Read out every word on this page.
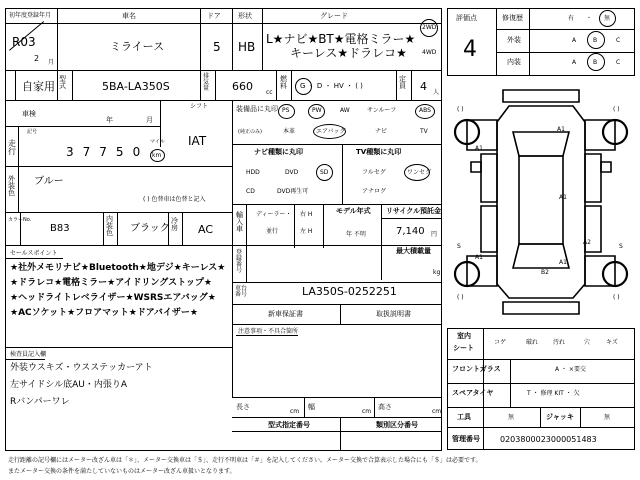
初年度登録年月
R03
2 月
車名
ミライース
ドア
5
形状
HB
グレード
L★ナビ★BT★電格ミラー★
キーレス★ドラレコ★
2WD
4WD
自家用
型式	5BA-LA350S
排気量	660 cc
燃料	G ・ D ・ HV ・ ( )
定員 4 人
車検
年	月
シフト
IAT
走行
記号
37750
マイル
km
外装色
ブルー
( ) 色替車は色替と記入
カラーNo.
B83
内装色 ブラック
冷房 AC
装備品に丸印
(純正のみ)
PS	PW	AW	サンルーフ	ABS
本革	エアバッグ	ナビ	TV
ナビ種類に丸印	TV種類に丸印
HDD	DVD	SD
CD	DVD再生可
フルセグ	ワンセグ
アナログ
輸入車
ディーラー・
並行
右 H
左 H
モデル年式
年 不明
リサイクル預託金
7,140 円
最大積載量
kg
登録番号
車台番号	LA350S-0252251
新車保証書	取扱説明書
注意事項・不具合箇所
セールスポイント
★社外メモリナビ★Bluetooth★地デジ★キーレス★
★ドラレコ★電格ミラー★アイドリングストップ★
★ヘッドライトレベライザー★WSRSエアバッグ★
★ACソケット★フロアマット★ドアバイザー★
検査員記入欄
外装ウスキズ・ウスステッカーアト
左サイドシル底AU・内張りA
Rバンパーワレ	長さ
cm
幅
cm
高さ
cm
型式指定番号	類別区分番号
評価点
4
修復歴	有 ・ 無
外装	A	B	C
内装	A	B	C
( )	( )
( )	( )
S	S
A1
A1
A1
A1
A1
A2
B2
室内
シート
コゲ	破れ 汚れ	穴	キズ
フロントガラス	A ・ ×要交
スペアタイヤ	T ・ 修理 KIT ・ 欠
工具	無	ジャッキ	無
管理番号	0203800023000051483
走行距離の記号欄にはメーター改ざん車は「＊」、メーター交換車は「＄」、走行不明車は「＃」を記入してください。メーター交換で合算表示した場合にも「＄」は必要です。
またメーター交換の条件を満たしていないものはメーター改ざん車扱いとなります。
